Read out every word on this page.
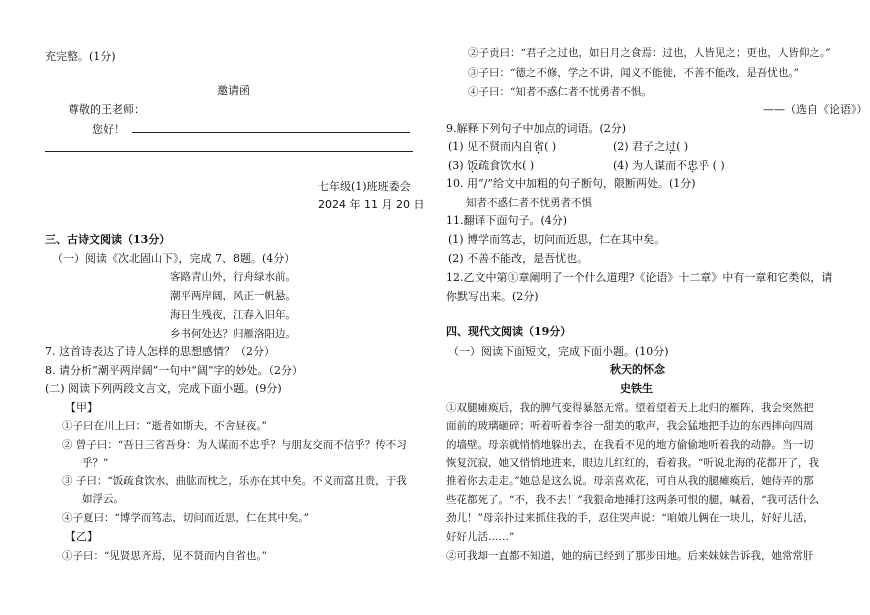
充完整。(1分)
邀请函
尊敬的王老师：
您好！
七年级(1)班班委会
2024 年 11 月 20 日
三、古诗文阅读（13分）
（一）阅读《次北固山下》，完成 7、8题。(4分）
客路青山外，行舟绿水前。
潮平两岸阔，风正一帆悬。
海日生残夜，江春入旧年。
乡书何处达？归雁洛阳边。
7. 这首诗表达了诗人怎样的思想感情？（2分）
8. 请分析“潮平两岸阔”一句中“阔”字的妙处。（2分）
(二) 阅读下列两段文言文，完成下面小题。(9分)
【甲】
①子曰在川上曰：“逝者如斯夫，不舍昼夜。”
② 曾子曰：“吾日三省吾身：为人谋而不忠乎？与朋友交而不信乎？传不习
乎？”
③ 子曰：“饭疏食饮水，曲肱而枕之，乐亦在其中矣。不义而富且贵，于我
如浮云。
④子夏曰：“博学而笃志，切问而近思，仁在其中矣。”
【乙】
①子曰：“见贤思齐焉，见不贤而内自省也。”
②子贡曰：“君子之过也，如日月之食焉：过也，人皆见之；更也，人皆仰之。”
③子曰：“德之不修，学之不讲，闻义不能徙，不善不能改，是吾忧也。”
④子曰：“知者不惑仁者不忧勇者不惧。
——（选自《论语》）
9.解释下列句子中加点的词语。(2分)
(1) 见不贤而内自省( )	(2) 君子之过( )
(3) 饭疏食饮水( )	(4) 为人谋而不忠乎 ( )
10. 用“/”给文中加粗的句子断句，限断两处。(1分)
知者不惑仁者不忧勇者不惧
11.翻译下面句子。(4分)
(1) 博学而笃志，切问而近思，仁在其中矣。
(2) 不善不能改，是吾忧也。
12.乙文中第①章阐明了一个什么道理?《论语》十二章》中有一章和它类似，请
你默写出来。(2分)
四、现代文阅读（19分）
（一）阅读下面短文，完成下面小题。(10分)
秋天的怀念
史铁生
①双腿瘫痪后，我的脾气变得暴怒无常。望着望着天上北归的雁阵，我会突然把
面前的玻璃砸碎；听着听着李谷一甜美的歌声，我会猛地把手边的东西摔向四周
的墙壁。母亲就悄悄地躲出去，在我看不见的地方偷偷地听着我的动静。当一切
恢复沉寂，她又悄悄地进来，眼边儿红红的，看着我。“听说北海的花都开了，我
推着你去走走。”她总是这么说。母亲喜欢花，可自从我的腿瘫痪后，她侍弄的那
些花都死了。“不，我不去！”我狠命地捶打这两条可恨的腿，喊着，“我可活什么
劲儿！”母亲扑过来抓住我的手，忍住哭声说：“咱娘儿俩在一块儿，好好儿活，
好好儿活……”
②可我却一直都不知道，她的病已经到了那步田地。后来妹妹告诉我，她常常肝
